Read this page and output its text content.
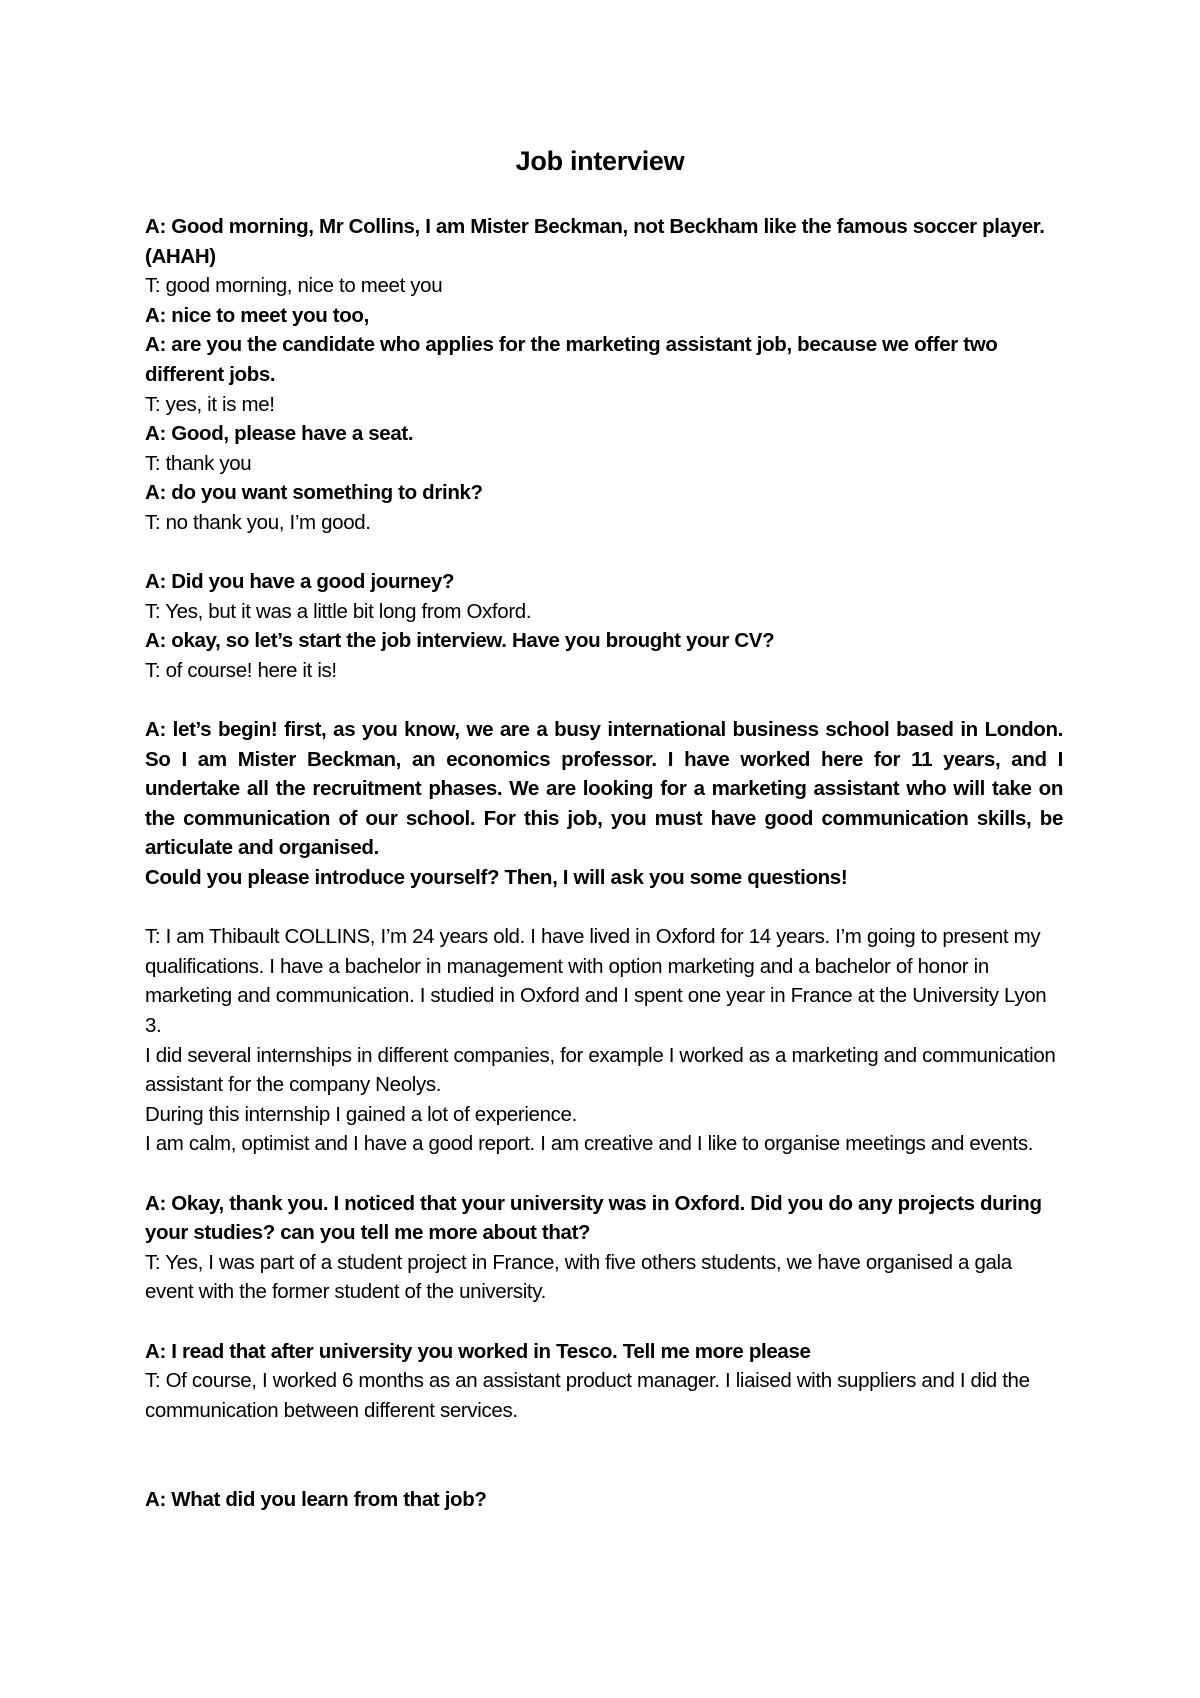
Job interview

A: Good morning, Mr Collins, I am Mister Beckman, not Beckham like the famous soccer player. (AHAH)

T: good morning, nice to meet you

A: nice to meet you too,

A: are you the candidate who applies for the marketing assistant job, because we offer two different jobs.

T: yes, it is me!

A: Good, please have a seat.

T: thank you

A: do you want something to drink?

T: no thank you, I’m good.

A: Did you have a good journey?

T: Yes, but it was a little bit long from Oxford.

A: okay, so let’s start the job interview. Have you brought your CV?

T: of course! here it is!

A: let’s begin! first, as you know, we are a busy international business school based in London. So I am Mister Beckman, an economics professor. I have worked here for 11 years, and I undertake all the recruitment phases. We are looking for a marketing assistant who will take on the communication of our school. For this job, you must have good communication skills, be articulate and organised.

Could you please introduce yourself? Then, I will ask you some questions!

T: I am Thibault COLLINS, I’m 24 years old. I have lived in Oxford for 14 years. I’m going to present my qualifications. I have a bachelor in management with option marketing and a bachelor of honor in marketing and communication. I studied in Oxford and I spent one year in France at the University Lyon 3.

I did several internships in different companies, for example I worked as a marketing and communication assistant for the company Neolys.

During this internship I gained a lot of experience.

I am calm, optimist and I have a good report. I am creative and I like to organise meetings and events.

A: Okay, thank you. I noticed that your university was in Oxford. Did you do any projects during your studies? can you tell me more about that?

T: Yes, I was part of a student project in France, with five others students, we have organised a gala event with the former student of the university.

A: I read that after university you worked in Tesco. Tell me more please

T: Of course, I worked 6 months as an assistant product manager. I liaised with suppliers and I did the communication between different services.

A: What did you learn from that job?
